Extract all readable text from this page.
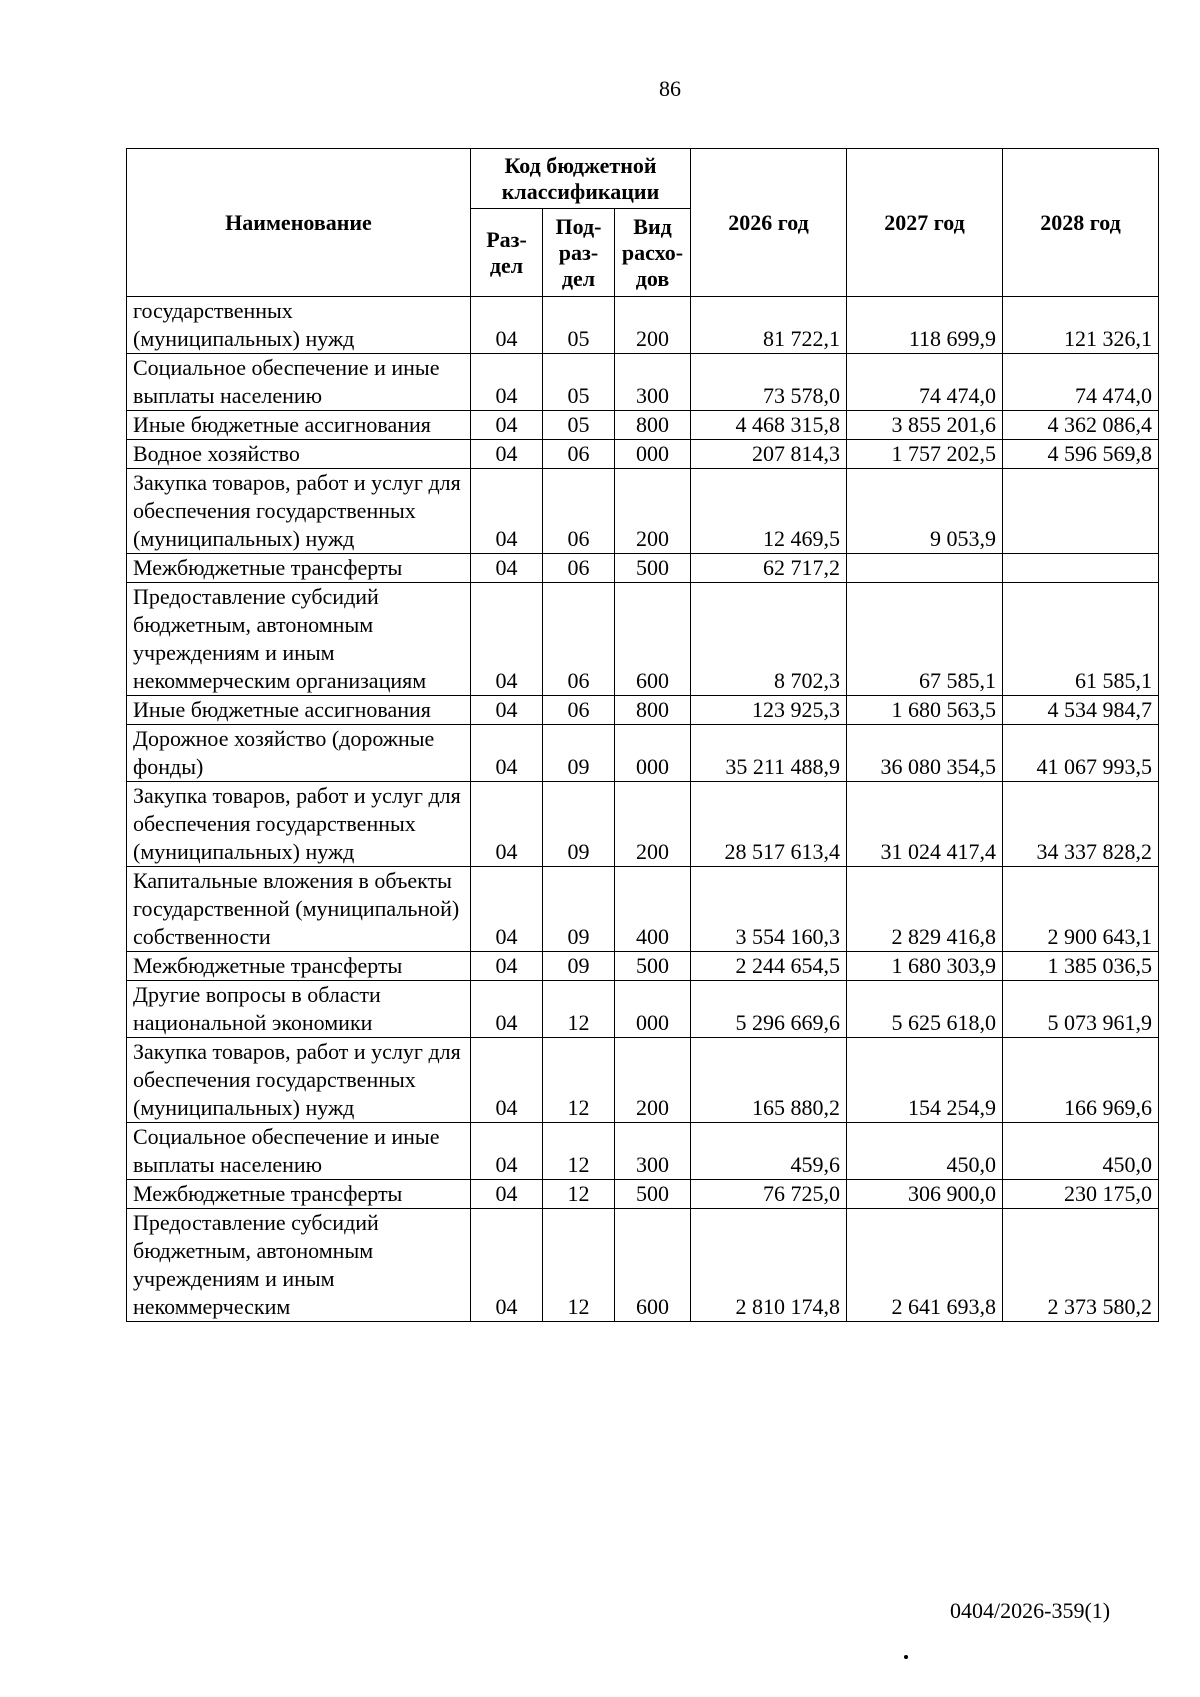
86
Наименование	Код бюджетной классификации			2026 год	2027 год	2028 год
	Раз- дел	Под- раз- дел	Вид расхо- дов			
государственных (муниципальных) нужд	04	05	200	81 722,1	118 699,9	121 326,1
Социальное обеспечение и иные выплаты населению	04	05	300	73 578,0	74 474,0	74 474,0
Иные бюджетные ассигнования	04	05	800	4 468 315,8	3 855 201,6	4 362 086,4
Водное хозяйство	04	06	000	207 814,3	1 757 202,5	4 596 569,8
Закупка товаров, работ и услуг для обеспечения государственных (муниципальных) нужд	04	06	200	12 469,5	9 053,9	
Межбюджетные трансферты	04	06	500	62 717,2		
Предоставление субсидий бюджетным, автономным учреждениям и иным некоммерческим организациям	04	06	600	8 702,3	67 585,1	61 585,1
Иные бюджетные ассигнования	04	06	800	123 925,3	1 680 563,5	4 534 984,7
Дорожное хозяйство (дорожные фонды)	04	09	000	35 211 488,9	36 080 354,5	41 067 993,5
Закупка товаров, работ и услуг для обеспечения государственных (муниципальных) нужд	04	09	200	28 517 613,4	31 024 417,4	34 337 828,2
Капитальные вложения в объекты государственной (муниципальной) собственности	04	09	400	3 554 160,3	2 829 416,8	2 900 643,1
Межбюджетные трансферты	04	09	500	2 244 654,5	1 680 303,9	1 385 036,5
Другие вопросы в области национальной экономики	04	12	000	5 296 669,6	5 625 618,0	5 073 961,9
Закупка товаров, работ и услуг для обеспечения государственных (муниципальных) нужд	04	12	200	165 880,2	154 254,9	166 969,6
Социальное обеспечение и иные выплаты населению	04	12	300	459,6	450,0	450,0
Межбюджетные трансферты	04	12	500	76 725,0	306 900,0	230 175,0
Предоставление субсидий бюджетным, автономным учреждениям и иным некоммерческим	04	12	600	2 810 174,8	2 641 693,8	2 373 580,2
0404/2026-359(1)
